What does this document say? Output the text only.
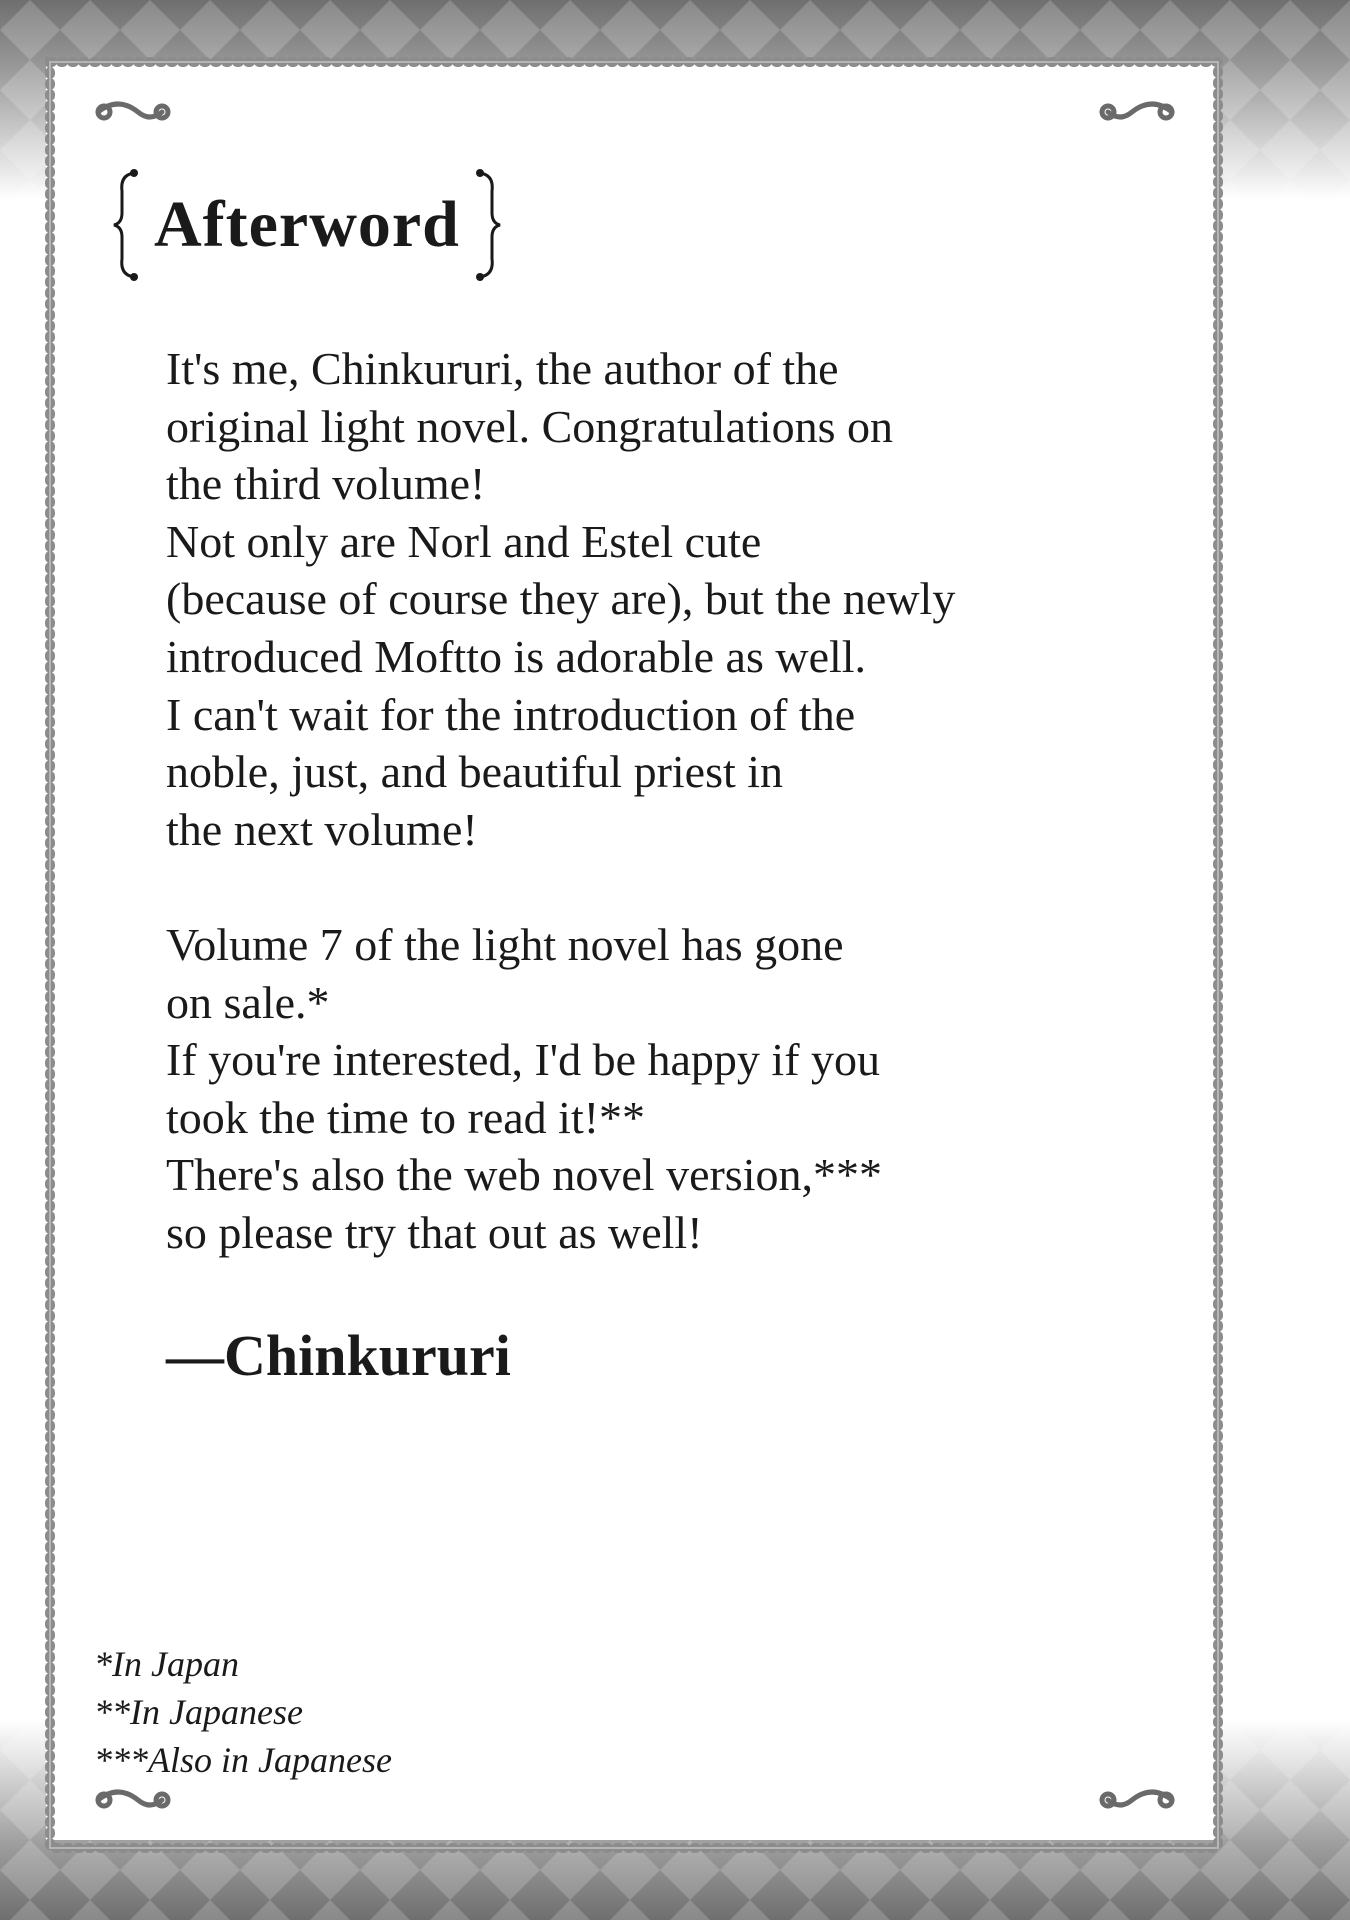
Afterword
It's me, Chinkururi, the author of the
original light novel. Congratulations on
the third volume!
Not only are Norl and Estel cute
(because of course they are), but the newly
introduced Moftto is adorable as well.
I can't wait for the introduction of the
noble, just, and beautiful priest in
the next volume!
Volume 7 of the light novel has gone
on sale.*
If you're interested, I'd be happy if you
took the time to read it!**
There's also the web novel version,***
so please try that out as well!
—Chinkururi
*In Japan
**In Japanese
***Also in Japanese
